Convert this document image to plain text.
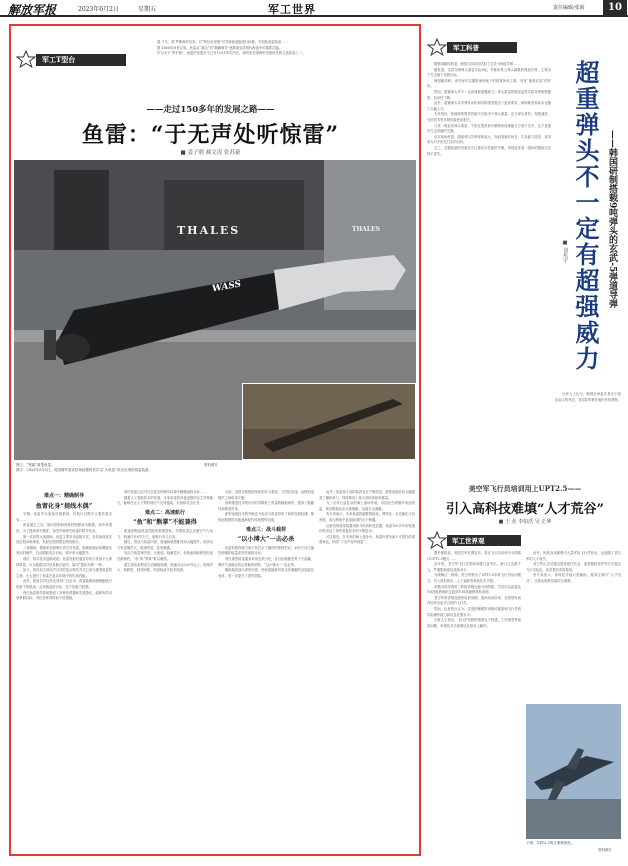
解放军报	2023年6月2日	星期五	军工世界	责任编辑/张新	10
军工T型台

德 不久，德 罗斯海军宣布，对“阿尔哈里德”号导弹驱逐舰进行检修，并加装鱼雷装备……

德 1866年问世以来，鱼雷从“袭击”到“精确制导”逐渐演变成现代海战中的重要武器。

作为水下“杀手锏”，鱼雷的发展至今已有150多年的历史，始终是各国海军竞相研发的主战装备之一。

——走过150多年的发展之路——
鱼雷：“于无声处听惊雷”
■ 姜子晗 郝文涛 张苏豪
THALES	THALES
WASS
图①：“黑鲨”重型鱼雷。
图②：2023年3月5日，英国海军某试验场拍摄的首次以“大鱼雷”形式出现的鱼雷装备。
资料照片
难点一：精确制导
鱼雷化身“提线木偶”

早期，鱼雷并未装备导航系统，在航行过程中主要依靠自身……

鱼雷诞生之初，航向控制和深度控制都较为粗糙，命中率很低。为了提高命中精度，各国开始研究鱼雷的制导技术。

第一次世界大战期间，鱼雷主要采用直航方式，在发射前预先设定航向和深度，发射后按照既定路线航行。

二战期间，德国率先研制出声自导鱼雷，能够探测目标螺旋桨发出的噪声，自动跟踪攻击目标，命中率大幅提升。

战后，线导技术逐渐成熟。鱼雷发射后通过导线与发射平台保持联系，可以根据实时信息修正航向，如同“提线木偶”一般。

如今，线导加主被动声自导的复合制导方式已成为重型鱼雷的主流，大大提升了鱼雷在复杂环境中的作战效能。

此外，尾流自导技术也得到广泛应用，鱼雷能够探测舰艇航行时留下的尾流，沿尾流追踪目标，抗干扰能力较强。

现代鱼雷制导系统集成了多种传感器和先进算法，能够有效识别真假目标，对抗各种诱饵和干扰措施。

现代鱼雷已经可以在复杂的海洋环境中精确追踪目标……

随着人工智能技术的发展，未来鱼雷将具备更强的自主决策能力，能够在无人干预的情况下完成搜索、识别和攻击任务。

难点二：高速航行
“鱼”和“熊掌”不能兼得

航速是衡量鱼雷性能的重要指标。早期鱼雷以压缩空气为动力，航速仅有6节左右，航程只有几百米。

随后，热动力鱼雷问世，航速和航程都得到大幅提升。但热动力鱼雷噪声大，航迹明显，容易暴露。

电动力鱼雷噪声低、无航迹，隐蔽性好，但航速和航程受电池性能制约，“鱼”和“熊掌”难以兼得。

超空泡鱼雷利用空泡减阻原理，航速可达200节以上，但噪声大、航程短，制导困难，仍面临诸多技术瓶颈。

目前，各国正积极研发新型动力系统，力图在高速、远程和低噪声之间取得平衡。

泵喷推进技术的应用有效降低了鱼雷的辐射噪声，提高了隐蔽性和推进效率。

新型电池技术的突破也为电动力鱼雷带来了新的发展机遇，锂电池和燃料电池逐渐取代传统银锌电池。

难点三：战斗载荷
“以小博大”一击必杀

鱼雷的毁伤威力源于其在水下爆炸的独特效应。水的不可压缩性使爆炸能量高效传递给目标。

现代重型鱼雷通常采用近炸引信，在目标舰艇龙骨下方起爆，利用气泡脉动效应将舰体折断，“以小博大”一击必杀。

聚能装药战斗部的出现，使鱼雷能够有效击穿潜艇的双层耐压壳体，进一步提升了毁伤效能。

此外，鱼雷战斗部的装药也在不断改进，新型高能炸药大幅提高了爆炸威力，同时降低了战斗部的体积和重量。

为了应对日益复杂的海上战场环境，各国还在研制多用途鱼雷，使其既能攻击水面舰艇，也能打击潜艇。

有专家表示，未来鱼雷将朝着智能化、网络化、多功能化方向发展，成为海战中更加致命的水下利器。

从最初的简单装置到如今的高科技武器，鱼雷150多年的发展历程见证了海军装备技术的不断进步。

可以预见，在未来的海上战争中，鱼雷仍将扮演不可替代的重要角色，持续“于无声处听惊雷”。

军工科普
超重弹头不一定有超强威力 ——韩国研制搭载9吨弹头的玄武-5弹道导弹
■ 刘兆宇

据韩国媒体报道，韩国日前成功试射了玄武-5弹道导弹……

据报道，这款导弹弹头重量可达9吨，号称世界上弹头最重的弹道导弹，主要用于打击地下坚固目标。

韩国媒体称，该导弹可以摧毁深埋地下的指挥所和工事，具有“地堡克星”的作用。

然而，超重弹头并不一定意味着超强威力。弹头重量的增加必然导致导弹射程缩短、机动性下降。

此外，超重弹头对导弹发动机和结构强度提出了更高要求，研制难度和成本也随之大幅上升。

专家指出，钻地弹的毁伤效能不仅取决于弹头重量，还与弹头材料、侵彻速度、引信技术等多种因素密切相关。

与其一味追求弹头重量，不如在提高命中精度和侵彻能力方面下功夫，这才是提升打击效能的关键。

从实战角度看，超重弹头导弹体积庞大，发射准备时间长，生存能力较差，容易成为对手优先打击的目标。

总之，武器装备的发展应当注重综合性能的平衡，单纯追求某一指标的极致往往得不偿失。

分析人士认为，韩国此举更多是出于政治宣示的考虑，其实际军事价值仍有待观察。

美空军飞行员培训用上UPT2.5——
引入高科技难填“人才荒谷”
■ 王 业 李如浩 吴 正坤
军工世界观

据外媒报道，美国空军近期宣布，将在飞行员培训中全面推行UPT2.5模式……

近年来，美空军飞行员短缺问题日益突出，缺口已达数千人，严重影响部队战备水平。

为缓解这一困境，美空军推出了UPT2.5本科飞行员培训模式，引入虚拟现实、人工智能等高新技术手段。

该模式将传统的三阶段训练压缩为两阶段，学员可以直接从T-6初级教练机过渡到T-38高级教练机训练。

美空军希望借此缩短培训周期，提高培训效率，在较短时间内培养出更多合格的飞行员。

然而，也有观点认为，过度依赖模拟训练可能影响飞行员的实际操作能力和应急处置水平。

分析人士指出，飞行员短缺的根源在于待遇、工作强度等深层问题，单靠技术手段难以从根本上解决。

此外，民航业高薪吸引大量军队飞行员转业，也加剧了美空军的人才流失。

美空军正尝试通过提高留任奖金、改善服役条件等方式稳定飞行员队伍，但效果仍有待检验。

有专家表示，高科技手段只是辅助，要真正填平“人才荒谷”，还需从制度层面综合施策。

下图：UPT2.5的主要教练机。
资料照片
